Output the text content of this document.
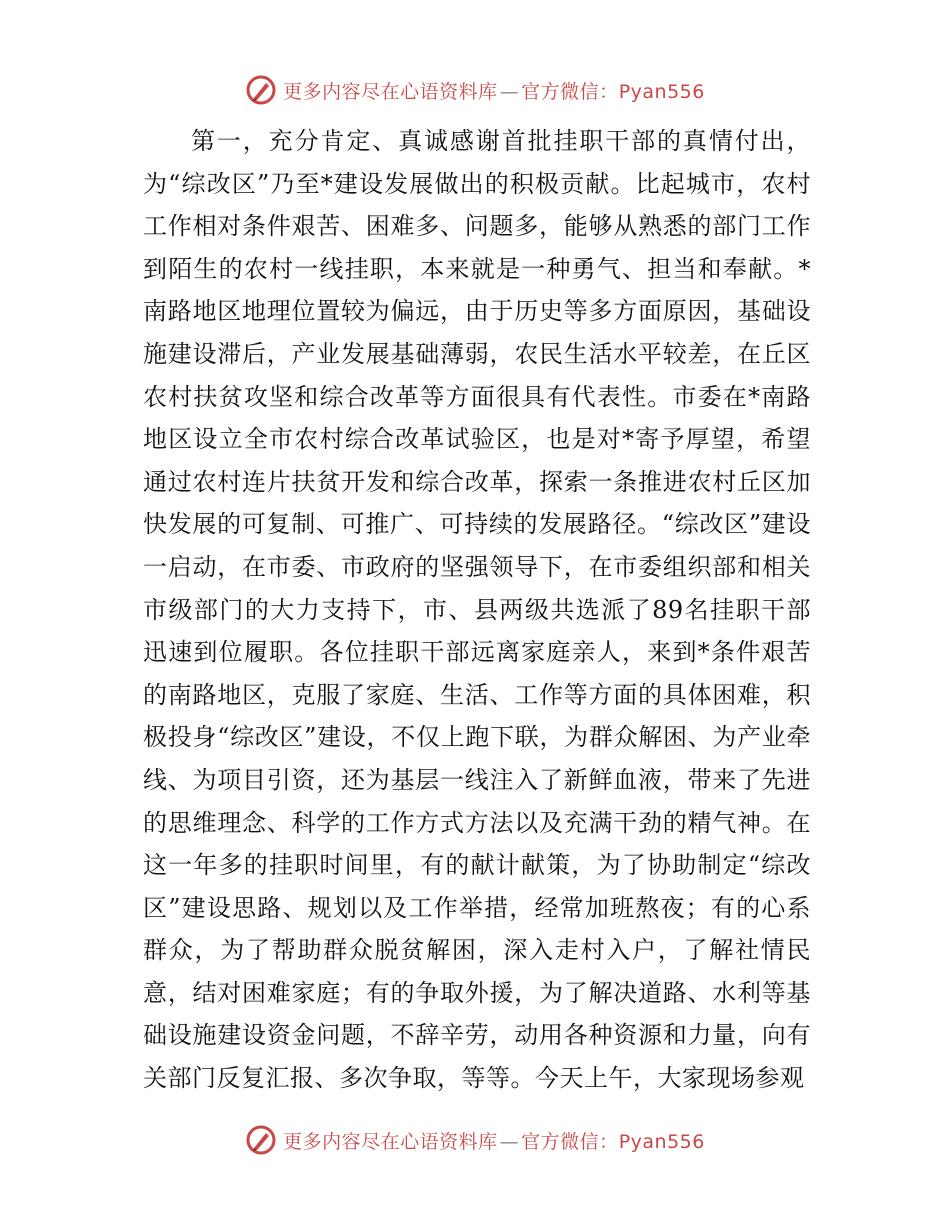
更多内容尽在心语资料库 — 官方微信：Pyan556

第一，充分肯定、真诚感谢首批挂职干部的真情付出，为“综改区”乃至*建设发展做出的积极贡献。比起城市，农村工作相对条件艰苦、困难多、问题多，能够从熟悉的部门工作到陌生的农村一线挂职，本来就是一种勇气、担当和奉献。*南路地区地理位置较为偏远，由于历史等多方面原因，基础设施建设滞后，产业发展基础薄弱，农民生活水平较差，在丘区农村扶贫攻坚和综合改革等方面很具有代表性。市委在*南路地区设立全市农村综合改革试验区，也是对*寄予厚望，希望通过农村连片扶贫开发和综合改革，探索一条推进农村丘区加快发展的可复制、可推广、可持续的发展路径。“综改区”建设一启动，在市委、市政府的坚强领导下，在市委组织部和相关市级部门的大力支持下，市、县两级共选派了89名挂职干部迅速到位履职。各位挂职干部远离家庭亲人，来到*条件艰苦的南路地区，克服了家庭、生活、工作等方面的具体困难，积极投身“综改区”建设，不仅上跑下联，为群众解困、为产业牵线、为项目引资，还为基层一线注入了新鲜血液，带来了先进的思维理念、科学的工作方式方法以及充满干劲的精气神。在这一年多的挂职时间里，有的献计献策，为了协助制定“综改区”建设思路、规划以及工作举措，经常加班熬夜；有的心系群众，为了帮助群众脱贫解困，深入走村入户，了解社情民意，结对困难家庭；有的争取外援，为了解决道路、水利等基础设施建设资金问题，不辞辛劳，动用各种资源和力量，向有关部门反复汇报、多次争取，等等。今天上午，大家现场参观

更多内容尽在心语资料库 — 官方微信：Pyan556
